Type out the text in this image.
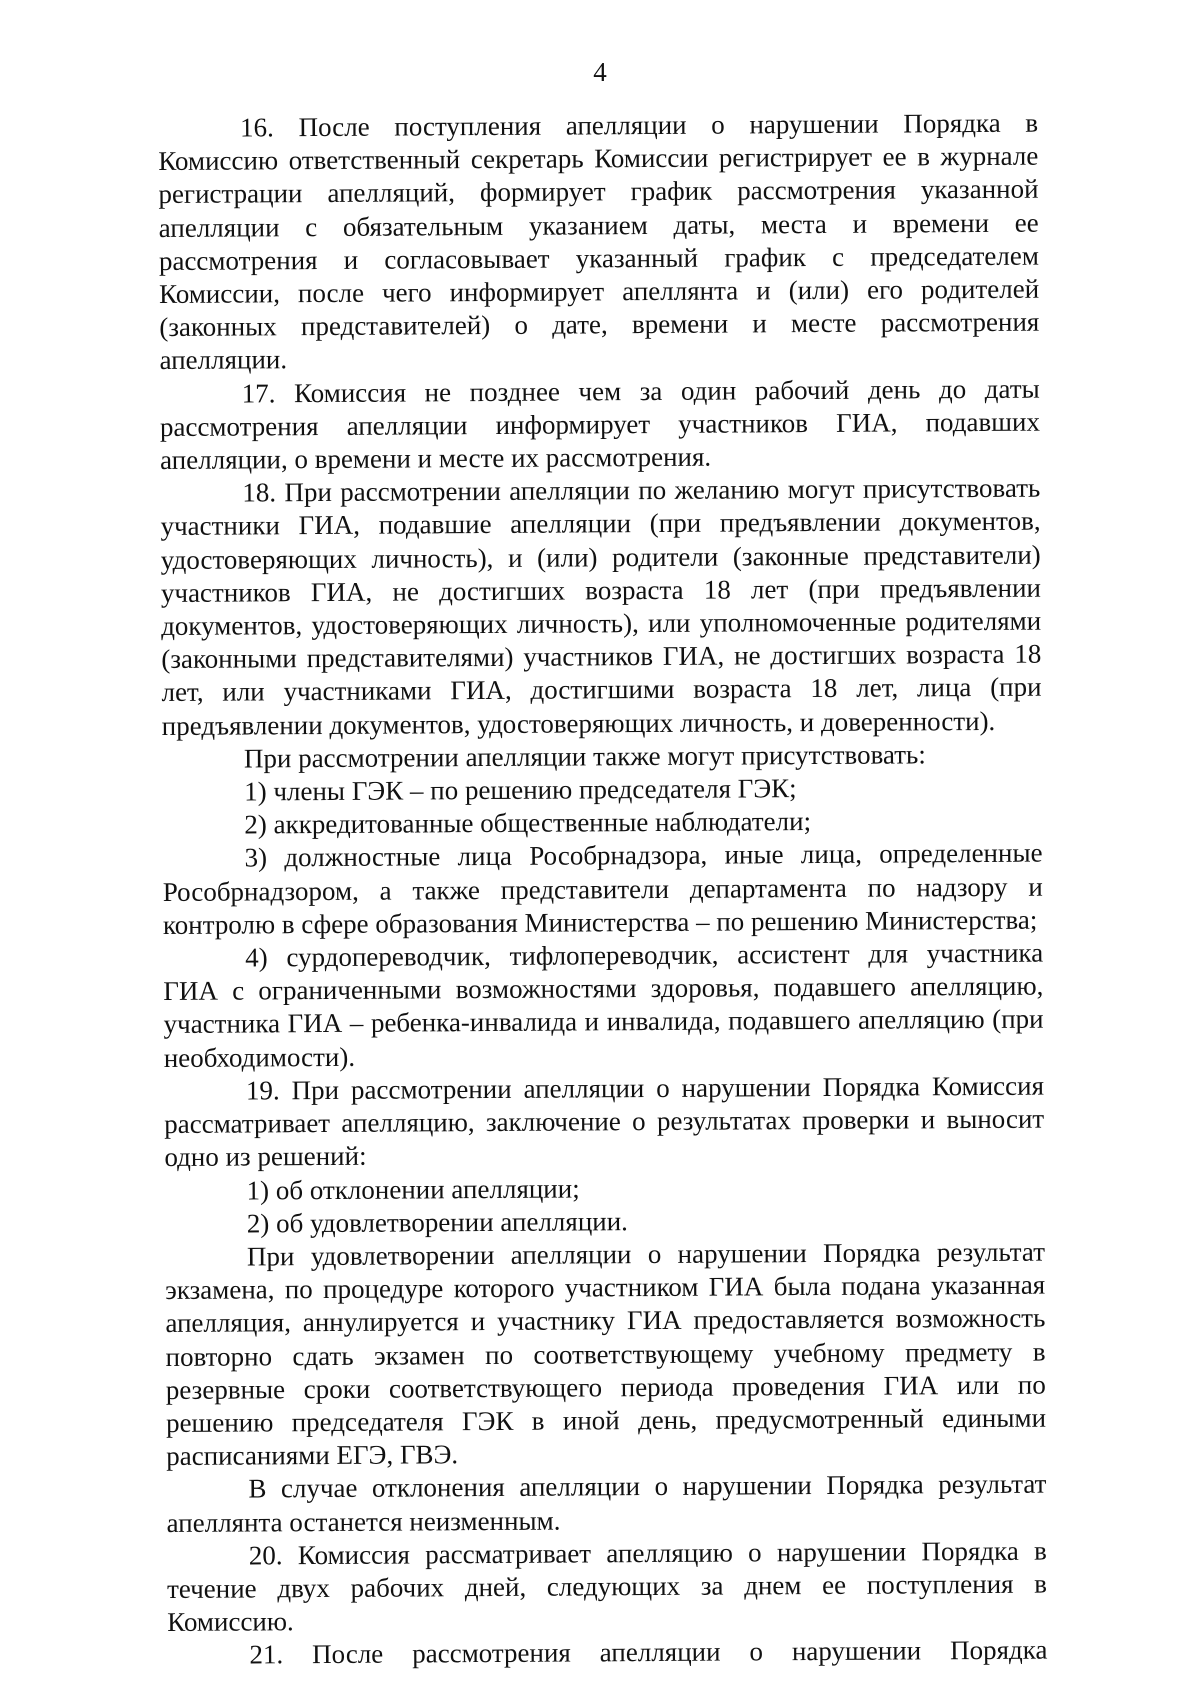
4

16. После поступления апелляции о нарушении Порядка в Комиссию ответственный секретарь Комиссии регистрирует ее в журнале регистрации апелляций, формирует график рассмотрения указанной апелляции с обязательным указанием даты, места и времени ее рассмотрения и согласовывает указанный график с председателем Комиссии, после чего информирует апеллянта и (или) его родителей (законных представителей) о дате, времени и месте рассмотрения апелляции.

17. Комиссия не позднее чем за один рабочий день до даты рассмотрения апелляции информирует участников ГИА, подавших апелляции, о времени и месте их рассмотрения.

18. При рассмотрении апелляции по желанию могут присутствовать участники ГИА, подавшие апелляции (при предъявлении документов, удостоверяющих личность), и (или) родители (законные представители) участников ГИА, не достигших возраста 18 лет (при предъявлении документов, удостоверяющих личность), или уполномоченные родителями (законными представителями) участников ГИА, не достигших возраста 18 лет, или участниками ГИА, достигшими возраста 18 лет, лица (при предъявлении документов, удостоверяющих личность, и доверенности).

При рассмотрении апелляции также могут присутствовать:

1) члены ГЭК – по решению председателя ГЭК;

2) аккредитованные общественные наблюдатели;

3) должностные лица Рособрнадзора, иные лица, определенные Рособрнадзором, а также представители департамента по надзору и контролю в сфере образования Министерства – по решению Министерства;

4) сурдопереводчик, тифлопереводчик, ассистент для участника ГИА с ограниченными возможностями здоровья, подавшего апелляцию, участника ГИА – ребенка-инвалида и инвалида, подавшего апелляцию (при необходимости).

19. При рассмотрении апелляции о нарушении Порядка Комиссия рассматривает апелляцию, заключение о результатах проверки и выносит одно из решений:

1) об отклонении апелляции;

2) об удовлетворении апелляции.

При удовлетворении апелляции о нарушении Порядка результат экзамена, по процедуре которого участником ГИА была подана указанная апелляция, аннулируется и участнику ГИА предоставляется возможность повторно сдать экзамен по соответствующему учебному предмету в резервные сроки соответствующего периода проведения ГИА или по решению председателя ГЭК в иной день, предусмотренный едиными расписаниями ЕГЭ, ГВЭ.

В случае отклонения апелляции о нарушении Порядка результат апеллянта останется неизменным.

20. Комиссия рассматривает апелляцию о нарушении Порядка в течение двух рабочих дней, следующих за днем ее поступления в Комиссию.

21. После рассмотрения апелляции о нарушении Порядка
